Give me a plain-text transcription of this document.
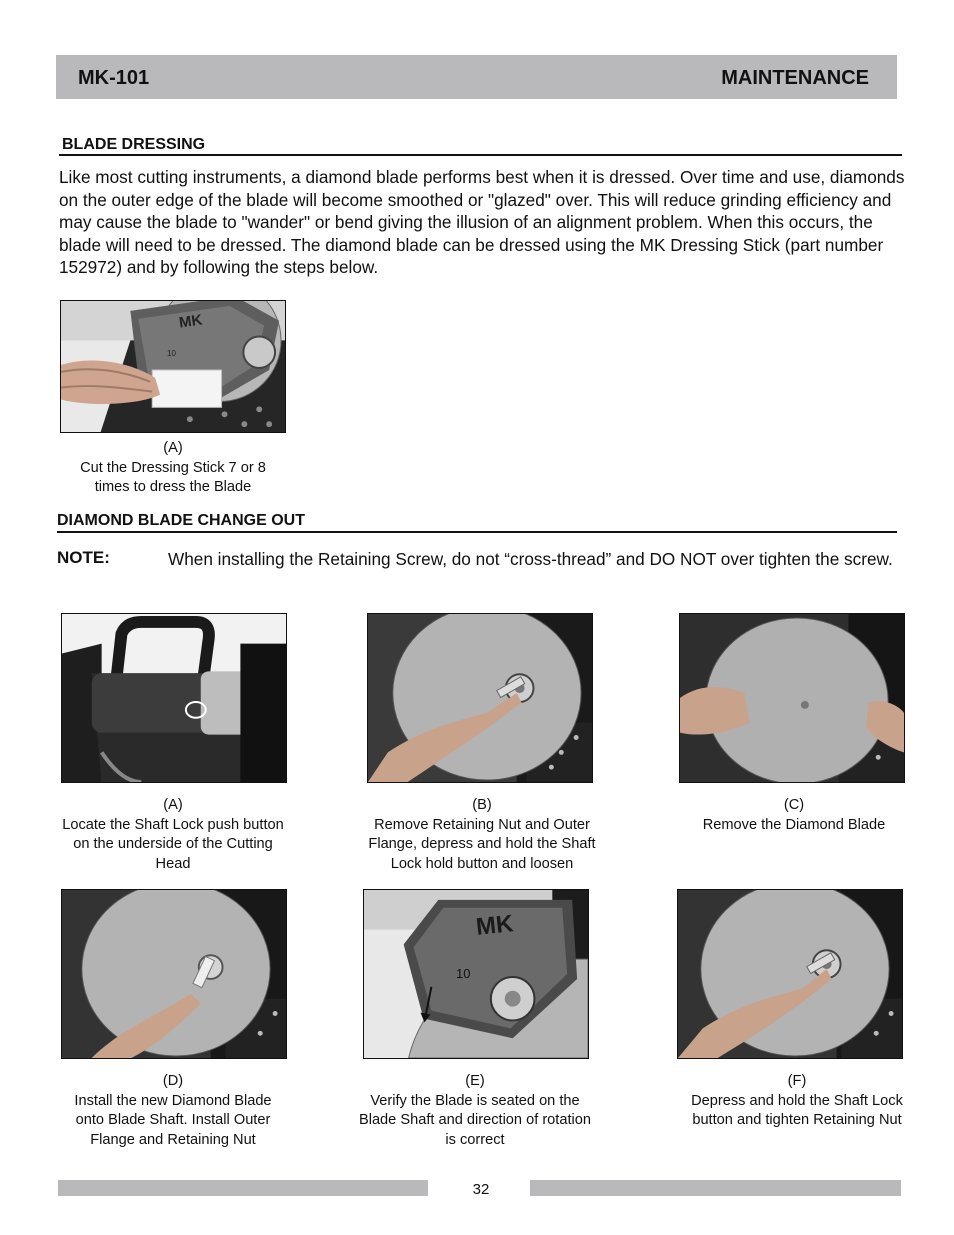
MK-101	MAINTENANCE
BLADE DRESSING
Like most cutting instruments, a diamond blade performs best when it is dressed. Over time and use, diamonds on the outer edge of the blade will become smoothed or "glazed" over. This will reduce grinding efficiency and may cause the blade to "wander" or bend giving the illusion of an alignment problem. When this occurs, the blade will need to be dressed. The diamond blade can be dressed using the MK Dressing Stick (part number 152972) and by following the steps below.
MK
10
(A)
Cut the Dressing Stick 7 or 8 times to dress the Blade
DIAMOND BLADE CHANGE OUT
NOTE:	When installing the Retaining Screw, do not “cross-thread” and DO NOT over tighten the screw.
(A)
Locate the Shaft Lock push button on the underside of the Cutting Head
(B)
Remove Retaining Nut and Outer Flange, depress and hold the Shaft Lock hold button and loosen
(C)
Remove the Diamond Blade
MK
10
(D)
Install the new Diamond Blade onto Blade Shaft. Install Outer Flange and Retaining Nut
(E)
Verify the Blade is seated on the Blade Shaft and direction of rotation is correct
(F)
Depress and hold the Shaft Lock button and tighten Retaining Nut
32
